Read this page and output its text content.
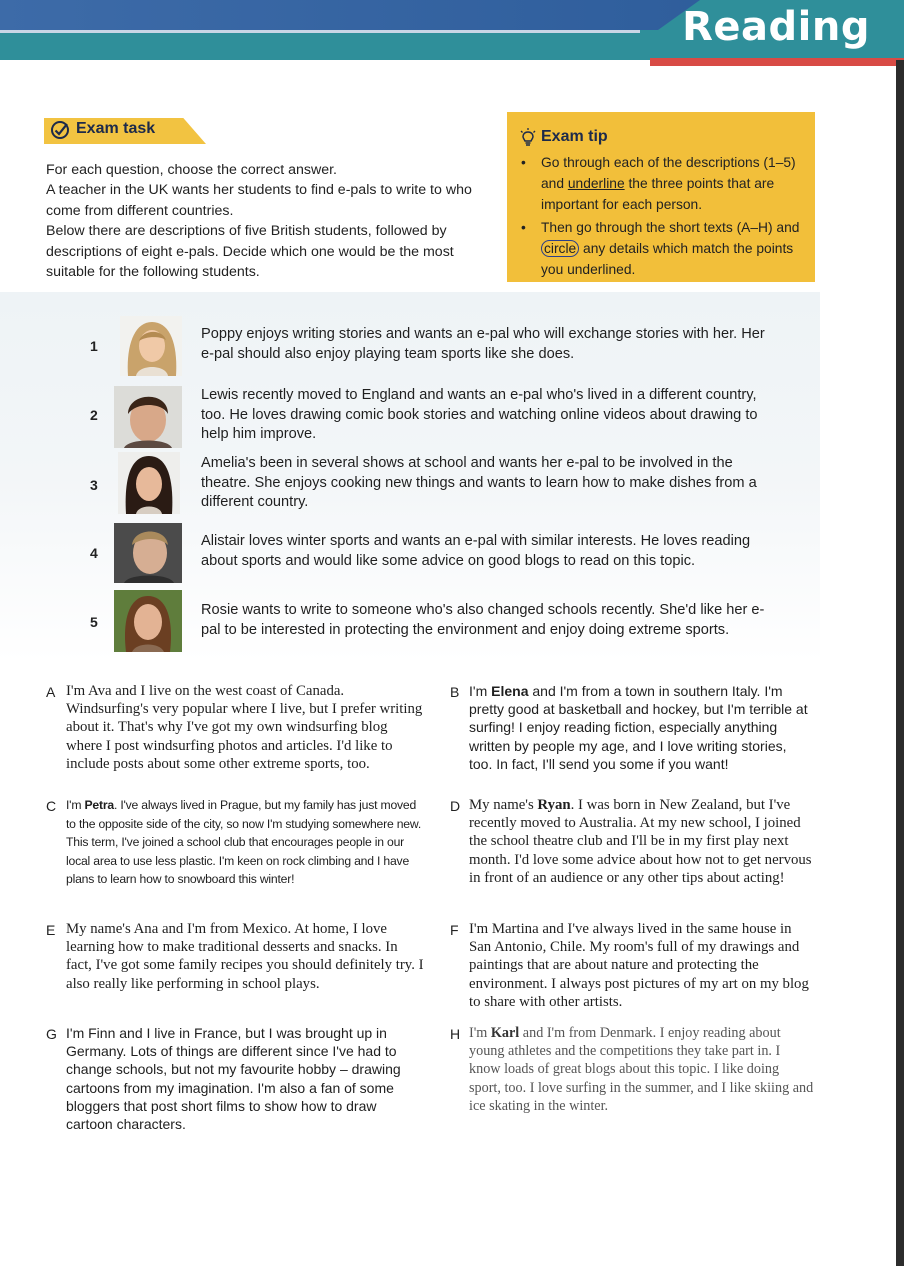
Reading
Exam task

For each question, choose the correct answer.

A teacher in the UK wants her students to find e-pals to write to who come from different countries.

Below there are descriptions of five British students, followed by descriptions of eight e-pals. Decide which one would be the most suitable for the following students.

Exam tip
• Go through each of the descriptions (1–5) and underline the three points that are important for each person.
• Then go through the short texts (A–H) and circle any details which match the points you underlined.
1
Poppy enjoys writing stories and wants an e-pal who will exchange stories with her. Her e-pal should also enjoy playing team sports like she does.
2
Lewis recently moved to England and wants an e-pal who's lived in a different country, too. He loves drawing comic book stories and watching online videos about drawing to help him improve.
3
Amelia's been in several shows at school and wants her e-pal to be involved in the theatre. She enjoys cooking new things and wants to learn how to make dishes from a different country.
4
Alistair loves winter sports and wants an e-pal with similar interests. He loves reading about sports and would like some advice on good blogs to read on this topic.
5
Rosie wants to write to someone who's also changed schools recently. She'd like her e-pal to be interested in protecting the environment and enjoy doing extreme sports.
A I'm Ava and I live on the west coast of Canada. Windsurfing's very popular where I live, but I prefer writing about it. That's why I've got my own windsurfing blog where I post windsurfing photos and articles. I'd like to include posts about some other extreme sports, too.
B I'm Elena and I'm from a town in southern Italy. I'm pretty good at basketball and hockey, but I'm terrible at surfing! I enjoy reading fiction, especially anything written by people my age, and I love writing stories, too. In fact, I'll send you some if you want!
C I'm Petra. I've always lived in Prague, but my family has just moved to the opposite side of the city, so now I'm studying somewhere new. This term, I've joined a school club that encourages people in our local area to use less plastic. I'm keen on rock climbing and I have plans to learn how to snowboard this winter!
D My name's Ryan. I was born in New Zealand, but I've recently moved to Australia. At my new school, I joined the school theatre club and I'll be in my first play next month. I'd love some advice about how not to get nervous in front of an audience or any other tips about acting!
E My name's Ana and I'm from Mexico. At home, I love learning how to make traditional desserts and snacks. In fact, I've got some family recipes you should definitely try. I also really like performing in school plays.
F I'm Martina and I've always lived in the same house in San Antonio, Chile. My room's full of my drawings and paintings that are about nature and protecting the environment. I always post pictures of my art on my blog to share with other artists.
G I'm Finn and I live in France, but I was brought up in Germany. Lots of things are different since I've had to change schools, but not my favourite hobby – drawing cartoons from my imagination. I'm also a fan of some bloggers that post short films to show how to draw cartoon characters.
H I'm Karl and I'm from Denmark. I enjoy reading about young athletes and the competitions they take part in. I know loads of great blogs about this topic. I like doing sport, too. I love surfing in the summer, and I like skiing and ice skating in the winter.
